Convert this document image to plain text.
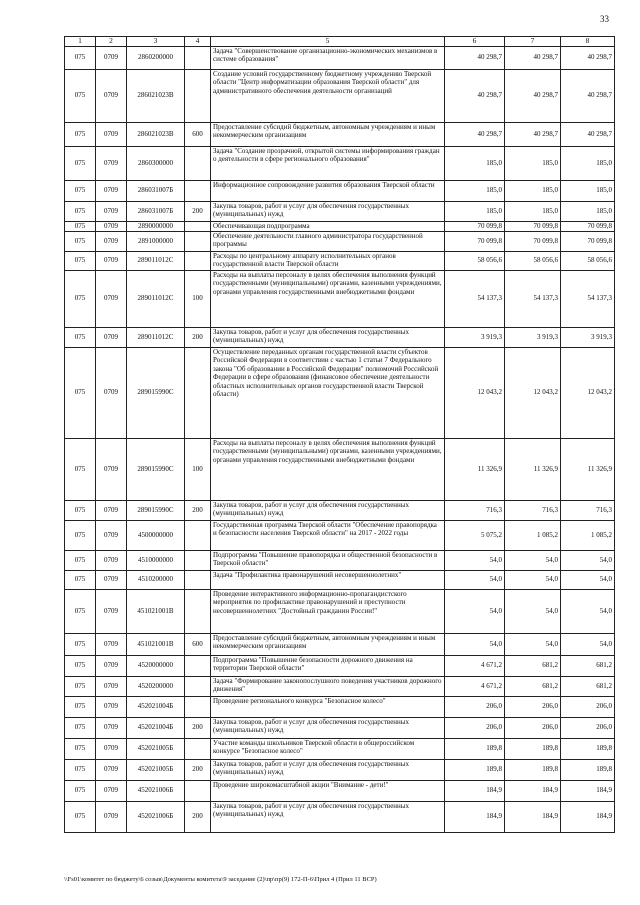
33
1	2	3	4	5	6	7	8
075	0709	2860200000		Задача "Совершенствование организационно-экономических механизмов в системе образования"	40 298,7	40 298,7	40 298,7
075	0709	286021023В		Создание условий государственному бюджетному учреждению Тверской области "Центр информатизации образования Тверской области" для административного обеспечения деятельности организаций	40 298,7	40 298,7	40 298,7
075	0709	286021023В	600	Предоставление субсидий бюджетным, автономным учреждениям и иным некоммерческим организациям	40 298,7	40 298,7	40 298,7
075	0709	2860300000		Задача "Создание прозрачной, открытой системы информирования граждан о деятельности в сфере регионального образования"	185,0	185,0	185,0
075	0709	286031007Б		Информационное сопровождение развития образования Тверской области	185,0	185,0	185,0
075	0709	286031007Б	200	Закупка товаров, работ и услуг для обеспечения государственных (муниципальных) нужд	185,0	185,0	185,0
075	0709	2890000000		Обеспечивающая подпрограмма	70 099,8	70 099,8	70 099,8
075	0709	2891000000		Обеспечение деятельности главного администратора государственной программы	70 099,8	70 099,8	70 099,8
075	0709	289011012С		Расходы по центральному аппарату исполнительных органов государственной власти Тверской области	58 056,6	58 056,6	58 056,6
075	0709	289011012С	100	Расходы на выплаты персоналу в целях обеспечения выполнения функций государственными (муниципальными) органами, казенными учреждениями, органами управления государственными внебюджетными фондами	54 137,3	54 137,3	54 137,3
075	0709	289011012С	200	Закупка товаров, работ и услуг для обеспечения государственных (муниципальных) нужд	3 919,3	3 919,3	3 919,3
075	0709	289015990С		Осуществление переданных органам государственной власти субъектов Российской Федерации в соответствии с частью 1 статьи 7 Федерального закона "Об образовании в Российской Федерации" полномочий Российской Федерации в сфере образования (финансовое обеспечение деятельности областных исполнительных органов государственной власти Тверской области)	12 043,2	12 043,2	12 043,2
075	0709	289015990С	100	Расходы на выплаты персоналу в целях обеспечения выполнения функций государственными (муниципальными) органами, казенными учреждениями, органами управления государственными внебюджетными фондами	11 326,9	11 326,9	11 326,9
075	0709	289015990С	200	Закупка товаров, работ и услуг для обеспечения государственных (муниципальных) нужд	716,3	716,3	716,3
075	0709	4500000000		Государственная программа Тверской области "Обеспечение правопорядка и безопасности населения Тверской области" на 2017 - 2022 годы	5 075,2	1 085,2	1 085,2
075	0709	4510000000		Подпрограмма "Повышение правопорядка и общественной безопасности в Тверской области"	54,0	54,0	54,0
075	0709	4510200000		Задача "Профилактика правонарушений несовершеннолетних"	54,0	54,0	54,0
075	0709	451021001В		Проведение интерактивного информационно-пропагандистского мероприятия по профилактике правонарушений и преступности несовершеннолетних "Достойный гражданин России!"	54,0	54,0	54,0
075	0709	451021001В	600	Предоставление субсидий бюджетным, автономным учреждениям и иным некоммерческим организациям	54,0	54,0	54,0
075	0709	4520000000		Подпрограмма "Повышение безопасности дорожного движения на территории Тверской области"	4 671,2	681,2	681,2
075	0709	4520200000		Задача "Формирование законопослушного поведения участников дорожного движения"	4 671,2	681,2	681,2
075	0709	452021004Б		Проведение регионального конкурса "Безопасное колесо"	206,0	206,0	206,0
075	0709	452021004Б	200	Закупка товаров, работ и услуг для обеспечения государственных (муниципальных) нужд	206,0	206,0	206,0
075	0709	452021005Б		Участие команды школьников Тверской области в общероссийском конкурсе "Безопасное колесо"	189,8	189,8	189,8
075	0709	452021005Б	200	Закупка товаров, работ и услуг для обеспечения государственных (муниципальных) нужд	189,8	189,8	189,8
075	0709	452021006Б		Проведение широкомасштабной акции "Внимание - дети!"	184,9	184,9	184,9
075	0709	452021006Б	200	Закупка товаров, работ и услуг для обеспечения государственных (муниципальных) нужд	184,9	184,9	184,9
\\Fs01\комитет по бюджету\6 созыв\Документы комитета\9 заседание (2)\пр\пр(9) 172-П-6\Прил 4 (Прил 11 ВСР)
